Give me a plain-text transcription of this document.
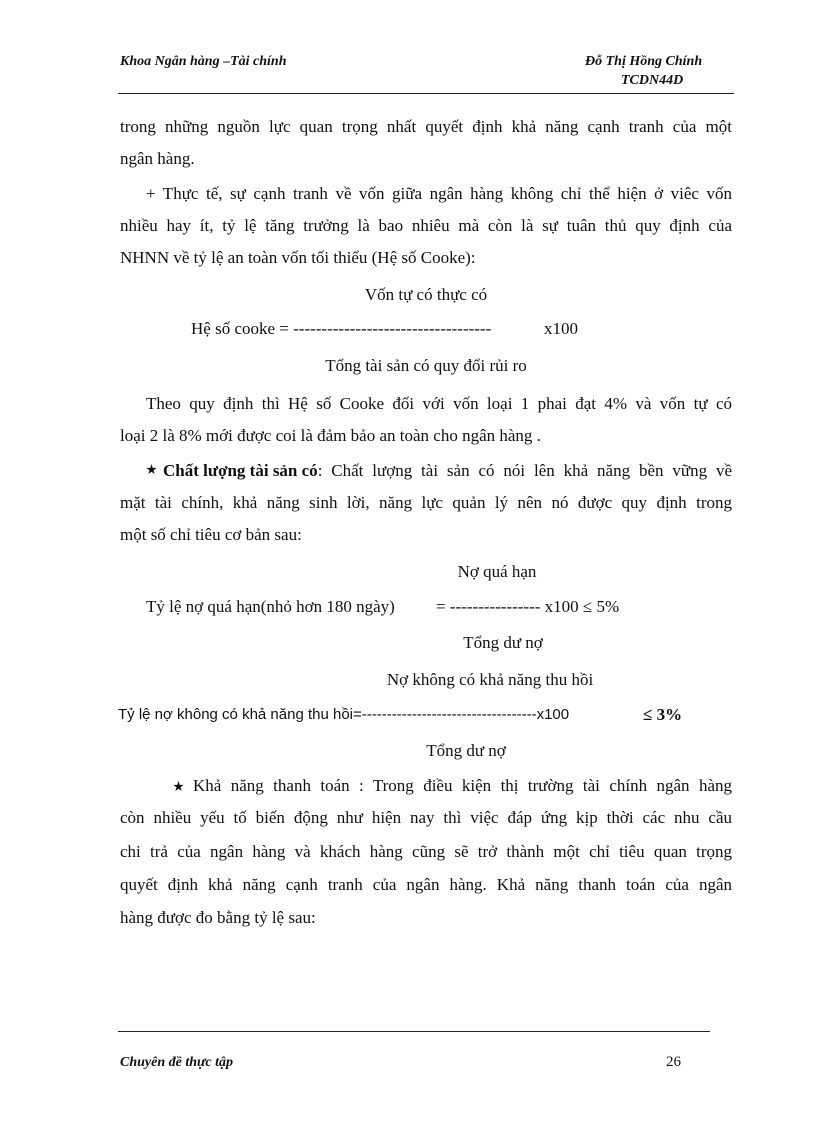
Khoa Ngân hàng –Tài chính	Đỗ Thị Hồng Chính
TCDN44D
trong những nguồn lực quan trọng nhất quyết định khả năng cạnh tranh của một
ngân hàng.
+ Thực tế, sự cạnh tranh về vốn giữa ngân hàng không chỉ thể hiện ở viêc vốn
nhiều hay ít, tỷ lệ tăng trưởng là bao nhiêu mà còn là sự tuân thủ quy định của
NHNN về tỷ lệ an toàn vốn tối thiểu (Hệ số Cooke):
Vốn tự có thực có
Hệ số cooke = -----------------------------------	x100
Tổng tài sản có quy đổi rủi ro
Theo quy định thì Hệ số Cooke đối với vốn loại 1 phai đạt 4% và vốn tự có
loại 2 là 8% mới được coi là đảm bảo an toàn cho ngân hàng .
Chất lượng tài sản có : Chất lượng tài sản có nói lên khả năng bền vững về
mặt tài chính, khả năng sinh lời, năng lực quản lý nên nó được quy định trong
một số chỉ tiêu cơ bản sau:
Nợ quá hạn
Tỷ lệ nợ quá hạn(nhỏ hơn 180 ngày) = ---------------- x100 ≤ 5%
Tổng dư nợ
Nợ không có khả năng thu hồi
Tỷ lệ nợ không có khả năng thu hồi=-----------------------------------x100	≤ 3%
Tổng dư nợ
Khả năng thanh toán : Trong điều kiện thị trường tài chính ngân hàng
còn nhiều yếu tố biến động như hiện nay thì việc đáp ứng kịp thời các nhu cầu
chi trả của ngân hàng và khách hàng cũng sẽ trở thành một chỉ tiêu quan trọng
quyết định khả năng cạnh tranh của ngân hàng. Khả năng thanh toán của ngân
hàng được đo bằng tỷ lệ sau:
Chuyên đề thực tập	26
